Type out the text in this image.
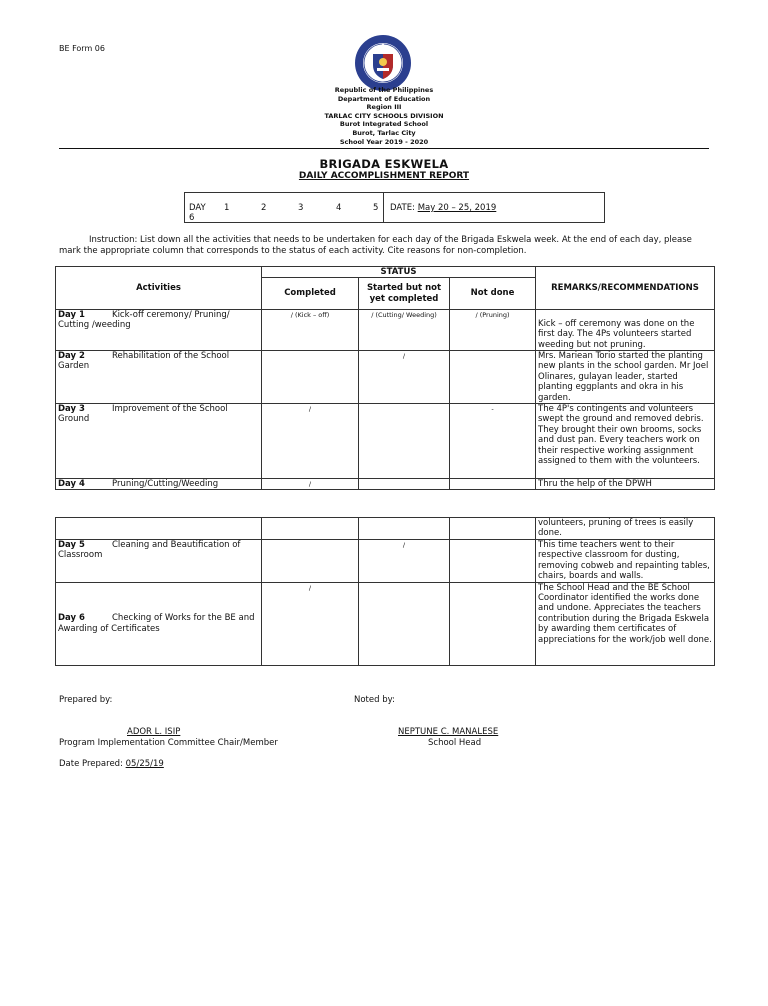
BE Form 06
Republic of the Philippines
Department of Education
Region III
TARLAC CITY SCHOOLS DIVISION
Burot Integrated School
Burot, Tarlac City
School Year 2019 - 2020
BRIGADA ESKWELA
DAILY ACCOMPLISHMENT REPORT
DAY 1	2	3	4	5
6
DATE: May 20 – 25, 2019
Instruction: List down all the activities that needs to be undertaken for each day of the Brigada Eskwela week. At the end of each day, please mark the appropriate column that corresponds to the status of each activity. Cite reasons for non-completion.
Activities	STATUS			REMARKS/RECOMMENDATIONS
	Completed	Started but not yet completed	Not done	
Day 1 Kick-off ceremony/ Pruning/ Cutting /weeding	/ (Kick – off)	/ (Cutting/ Weeding)	/ (Pruning)	Kick – off ceremony was done on the first day. The 4Ps volunteers started weeding but not pruning.
Day 2 Rehabilitation of the School Garden		/		Mrs. Mariean Torio started the planting new plants in the school garden. Mr Joel Olinares, gulayan leader, started planting eggplants and okra in his garden.
Day 3 Improvement of the School Ground	/		-	The 4P's contingents and volunteers swept the ground and removed debris. They brought their own brooms, socks and dust pan. Every teachers work on their respective working assignment assigned to them with the volunteers.
Day 4 Pruning/Cutting/Weeding	/			Thru the help of the DPWH
				volunteers, pruning of trees is easily done.
Day 5 Cleaning and Beautification of Classroom		/		This time teachers went to their respective classroom for dusting, removing cobweb and repainting tables, chairs, boards and walls.
Day 6 Checking of Works for the BE and Awarding of Certificates	/			The School Head and the BE School Coordinator identified the works done and undone. Appreciates the teachers contribution during the Brigada Eskwela by awarding them certificates of appreciations for the work/job well done.
Prepared by:	Noted by:
ADOR L. ISIP
Program Implementation Committee Chair/Member
NEPTUNE C. MANALESE
School Head
Date Prepared: 05/25/19
